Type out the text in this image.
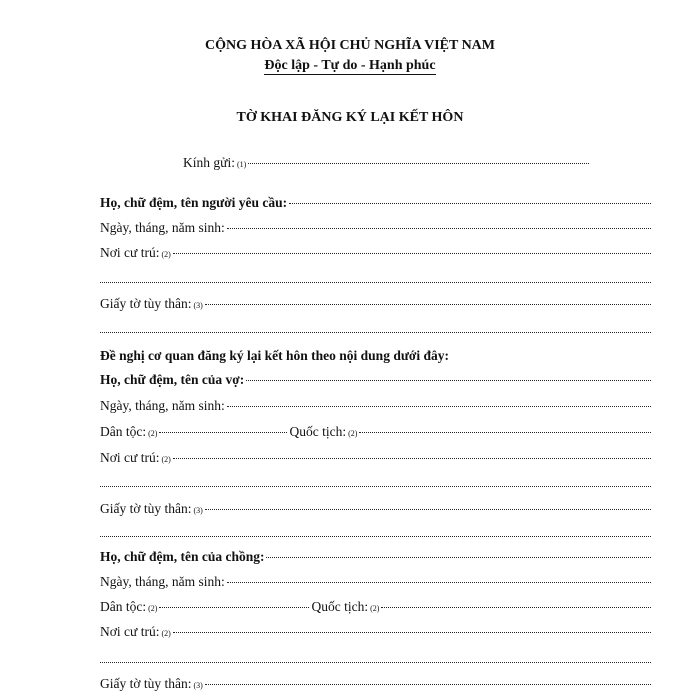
CỘNG HÒA XÃ HỘI CHỦ NGHĨA VIỆT NAM
Độc lập - Tự do - Hạnh phúc
TỜ KHAI ĐĂNG KÝ LẠI KẾT HÔN
Kính gửi: (1)
Họ, chữ đệm, tên người yêu cầu:
Ngày, tháng, năm sinh:
Nơi cư trú: (2)
Giấy tờ tùy thân: (3)
Đề nghị cơ quan đăng ký lại kết hôn theo nội dung dưới đây:
Họ, chữ đệm, tên của vợ:
Ngày, tháng, năm sinh:
Dân tộc: (2)	Quốc tịch: (2)
Nơi cư trú: (2)
Giấy tờ tùy thân: (3)
Họ, chữ đệm, tên của chồng:
Ngày, tháng, năm sinh:
Dân tộc: (2)	Quốc tịch: (2)
Nơi cư trú: (2)
Giấy tờ tùy thân: (3)
